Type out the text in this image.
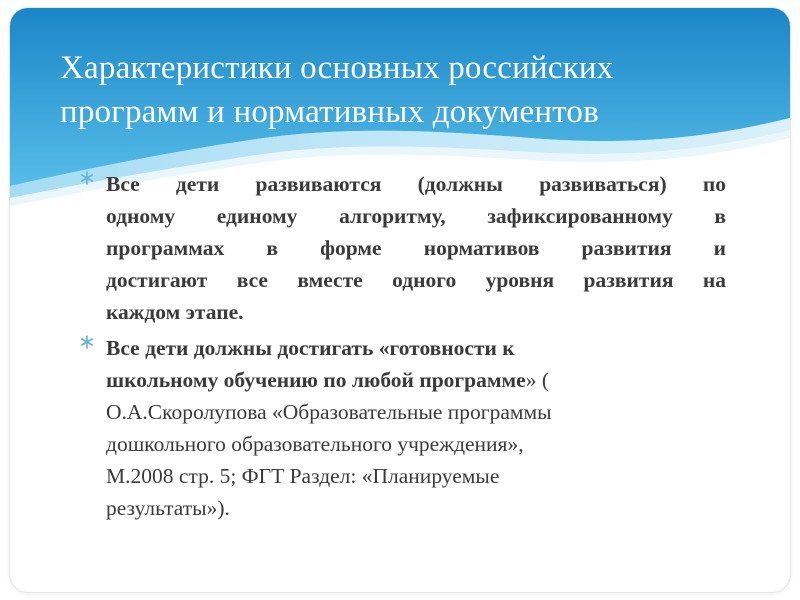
Характеристики основных российских
программ и нормативных документов
Все дети развиваются (должны развиваться) по
одному единому алгоритму, зафиксированному в
программах в форме нормативов развития и
достигают все вместе одного уровня развития на
каждом этапе.
Все дети должны достигать «готовности к
школьному обучению по любой программе» (
О.А.Скоролупова «Образовательные программы
дошкольного образовательного учреждения»,
М.2008 стр. 5; ФГТ Раздел: «Планируемые
результаты»).
